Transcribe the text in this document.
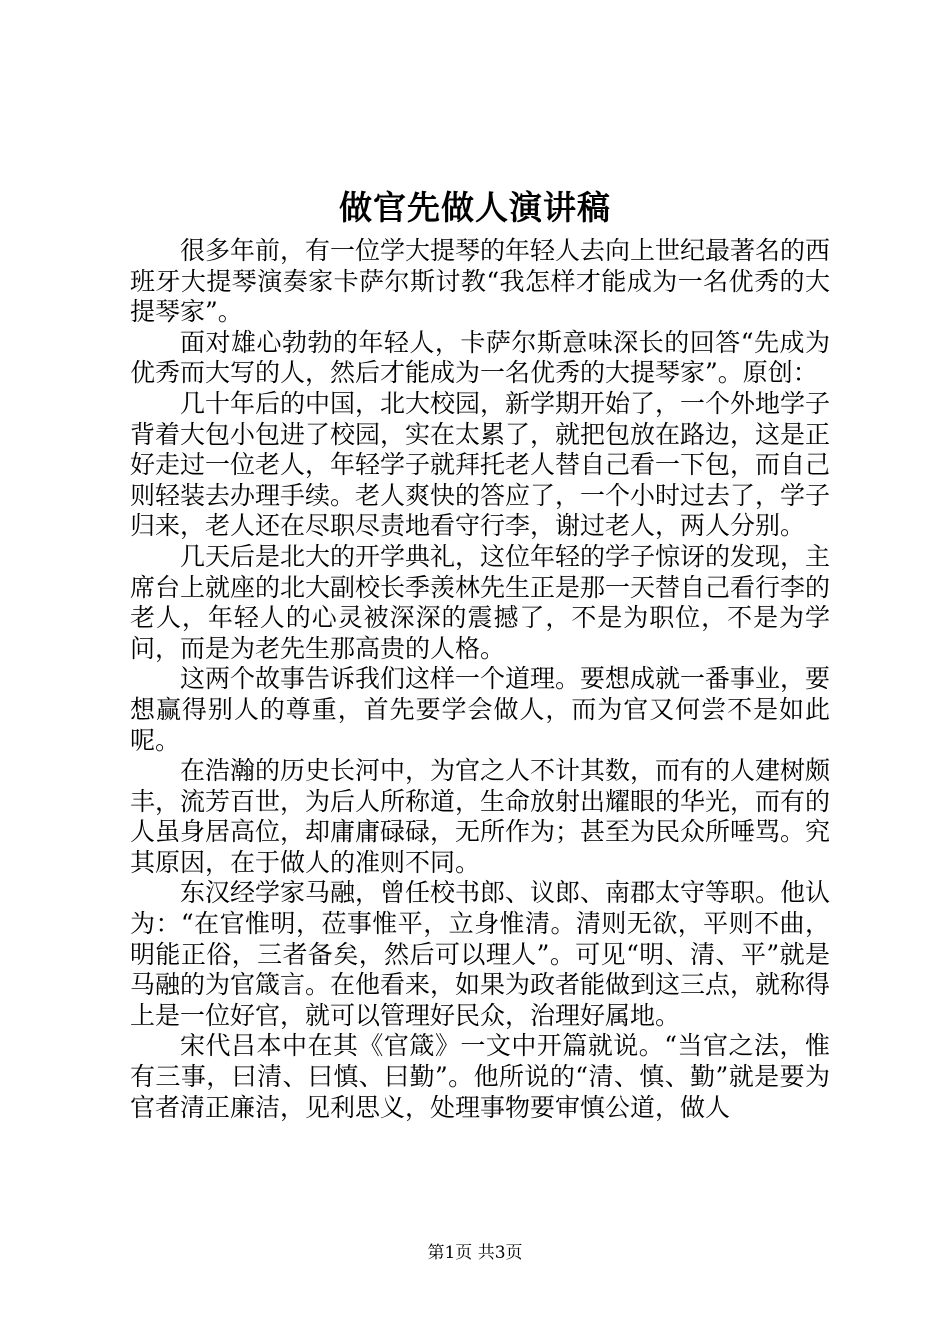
做官先做人演讲稿

很多年前，有一位学大提琴的年轻人去向上世纪最著名的西班牙大提琴演奏家卡萨尔斯讨教“我怎样才能成为一名优秀的大提琴家”。

面对雄心勃勃的年轻人，卡萨尔斯意味深长的回答“先成为优秀而大写的人，然后才能成为一名优秀的大提琴家”。原创：

几十年后的中国，北大校园，新学期开始了，一个外地学子背着大包小包进了校园，实在太累了，就把包放在路边，这是正好走过一位老人，年轻学子就拜托老人替自己看一下包，而自己则轻装去办理手续。老人爽快的答应了，一个小时过去了，学子归来，老人还在尽职尽责地看守行李，谢过老人，两人分别。

几天后是北大的开学典礼，这位年轻的学子惊讶的发现，主席台上就座的北大副校长季羡林先生正是那一天替自己看行李的老人，年轻人的心灵被深深的震撼了，不是为职位，不是为学问，而是为老先生那高贵的人格。

这两个故事告诉我们这样一个道理。要想成就一番事业，要想赢得别人的尊重，首先要学会做人，而为官又何尝不是如此呢。

在浩瀚的历史长河中，为官之人不计其数，而有的人建树颇丰，流芳百世，为后人所称道，生命放射出耀眼的华光，而有的人虽身居高位，却庸庸碌碌，无所作为；甚至为民众所唾骂。究其原因，在于做人的准则不同。

东汉经学家马融，曾任校书郎、议郎、南郡太守等职。他认为：“在官惟明，莅事惟平，立身惟清。清则无欲，平则不曲，明能正俗，三者备矣，然后可以理人”。可见“明、清、平”就是马融的为官箴言。在他看来，如果为政者能做到这三点，就称得上是一位好官，就可以管理好民众，治理好属地。

宋代吕本中在其《官箴》一文中开篇就说。“当官之法，惟有三事，曰清、曰慎、曰勤”。他所说的“清、慎、勤”就是要为官者清正廉洁，见利思义，处理事物要审慎公道，做人

第1页 共3页
